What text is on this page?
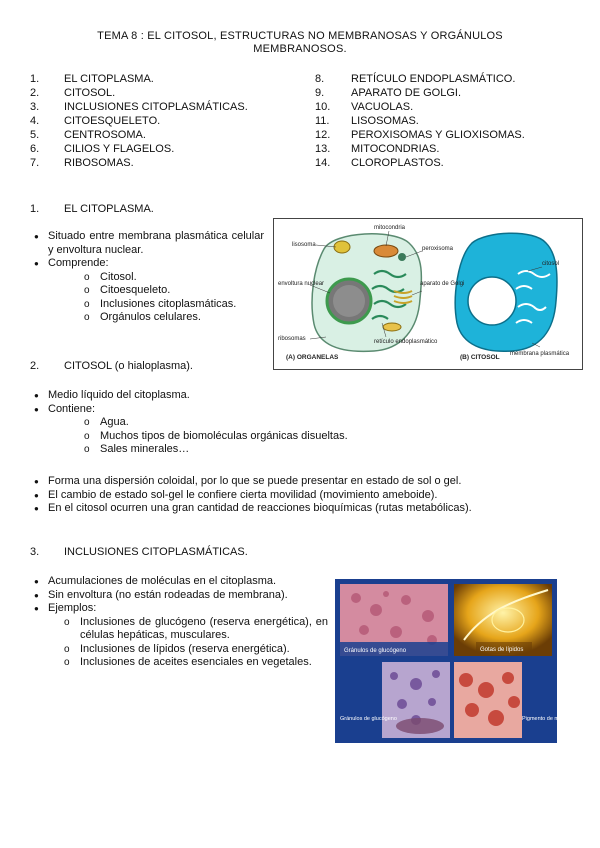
TEMA 8 : EL CITOSOL, ESTRUCTURAS NO MEMBRANOSAS Y ORGÁNULOS
MEMBRANOSOS.
1. EL CITOPLASMA.
2. CITOSOL.
3. INCLUSIONES CITOPLASMÁTICAS.
4. CITOESQUELETO.
5. CENTROSOMA.
6. CILIOS Y FLAGELOS.
7. RIBOSOMAS.
8. RETÍCULO ENDOPLASMÁTICO.
9. APARATO DE GOLGI.
10. VACUOLAS.
11. LISOSOMAS.
12. PEROXISOMAS Y GLIOXISOMAS.
13. MITOCONDRIAS.
14. CLOROPLASTOS.
1. EL CITOPLASMA.
● Situado entre membrana plasmática celular y envoltura nuclear.
● Comprende:
o Citosol.
o Citoesqueleto.
o Inclusiones citoplasmáticas.
o Orgánulos celulares.
lisosoma
mitocondria
peroxisoma
envoltura nuclear	aparato de Golgi
ribosomas	retículo endoplasmático
citosol
membrana plasmática
(A) ORGANELAS	(B) CITOSOL
2. CITOSOL (o hialoplasma).
● Medio líquido del citoplasma.
● Contiene:
o Agua.
o Muchos tipos de biomoléculas orgánicas disueltas.
o Sales minerales…
● Forma una dispersión coloidal, por lo que se puede presentar en estado de sol o gel.
● El cambio de estado sol-gel le confiere cierta movilidad (movimiento ameboide).
● En el citosol ocurren una gran cantidad de reacciones bioquímicas (rutas metabólicas).
3. INCLUSIONES CITOPLASMÁTICAS.
● Acumulaciones de moléculas en el citoplasma.
● Sin envoltura (no están rodeadas de membrana).
● Ejemplos:
o Inclusiones de glucógeno (reserva energética), en células hepáticas, musculares.
o Inclusiones de lípidos (reserva energética).
o Inclusiones de aceites esenciales en vegetales.
Gránulos de glucógeno	Gotas de lípidos
Gránulos de glucógeno	Pigmento de melanina
